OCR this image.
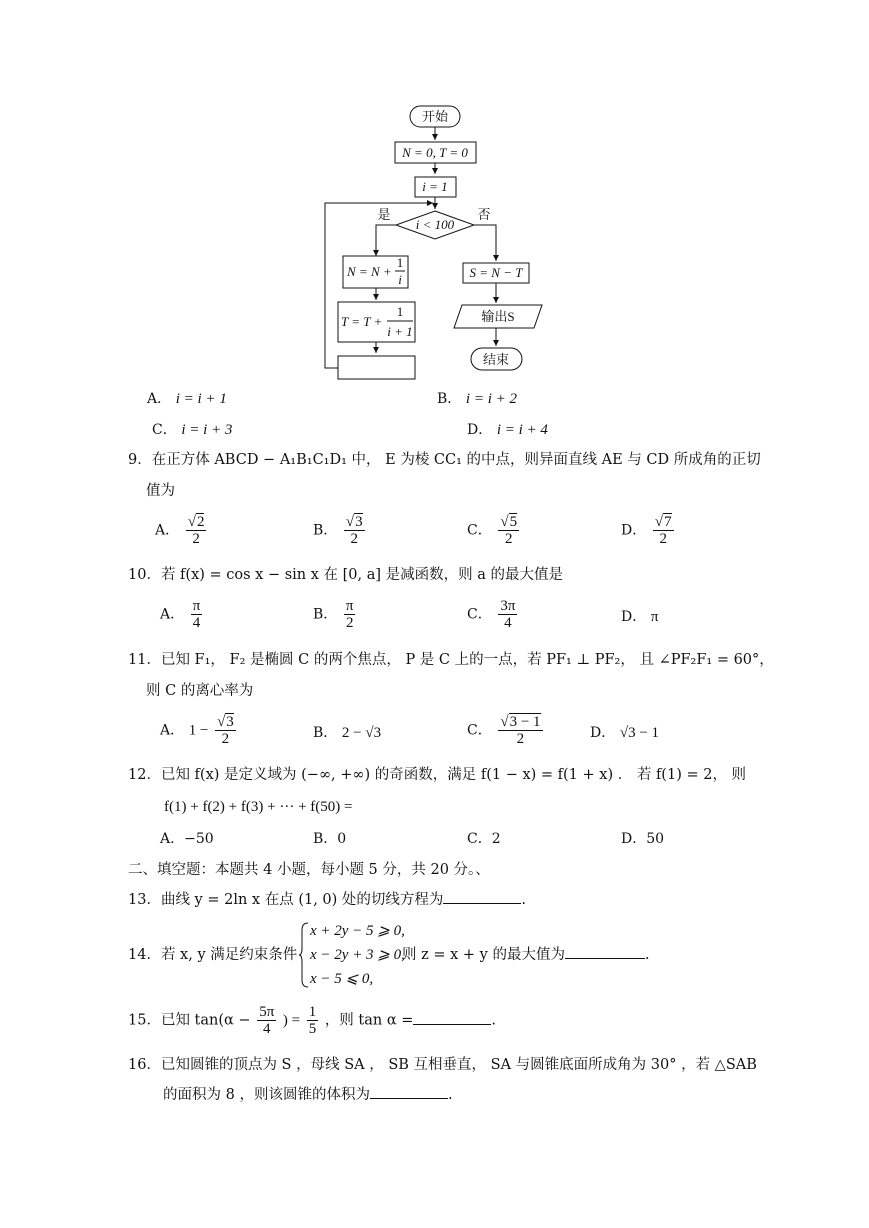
开始
N = 0, T = 0
i = 1
是	否
i < 100
N = N +
1
i
T = T +
1
i + 1
S = N − T
输出S
结束
A． i = i + 1	B． i = i + 2
C． i = i + 3	D． i = i + 4
9．在正方体 ABCD − A₁B₁C₁D₁ 中， E 为棱 CC₁ 的中点，则异面直线 AE 与 CD 所成角的正切
值为
A． $\frac{√2}{2}$	B． $\frac{√3}{2}$	C． $\frac{√5}{2}$	D． $\frac{√7}{2}$
10．若 f(x) = cos x − sin x 在 [0, a] 是减函数，则 a 的最大值是
A． $\frac{\pi}{4}$	B． $\frac{\pi}{2}$	C． $\frac{3\pi}{4}$	D． π
11．已知 F₁， F₂ 是椭圆 C 的两个焦点， P 是 C 上的一点，若 PF₁ ⊥ PF₂， 且 ∠PF₂F₁ = 60°，
则 C 的离心率为
A． $1 - \frac{√3}{2}$	B． 2 − √3	C． $\frac{√3 - 1}{2}$	D． √3 − 1
12．已知 f(x) 是定义域为 (−∞, +∞) 的奇函数，满足 f(1 − x) = f(1 + x) ． 若 f(1) = 2， 则
f(1) + f(2) + f(3) + ··· + f(50) =
A．−50	B．0	C．2	D．50
二、填空题：本题共 4 小题，每小题 5 分，共 20 分。、
13．曲线 y = 2ln x 在点 (1, 0) 处的切线方程为	.
14．若 x, y 满足约束条件
x + 2y − 5 ⩾ 0,
x − 2y + 3 ⩾ 0,
x − 5 ⩽ 0,
则 z = x + y 的最大值为	.
15．已知 $\tan(\alpha - \frac{5\pi}{4}$ ) = $\frac{1}{5}$ ，则 tan α =	.
16．已知圆锥的顶点为 S ，母线 SA ， SB 互相垂直， SA 与圆锥底面所成角为 30° ，若 △SAB
的面积为 8 ，则该圆锥的体积为	.
